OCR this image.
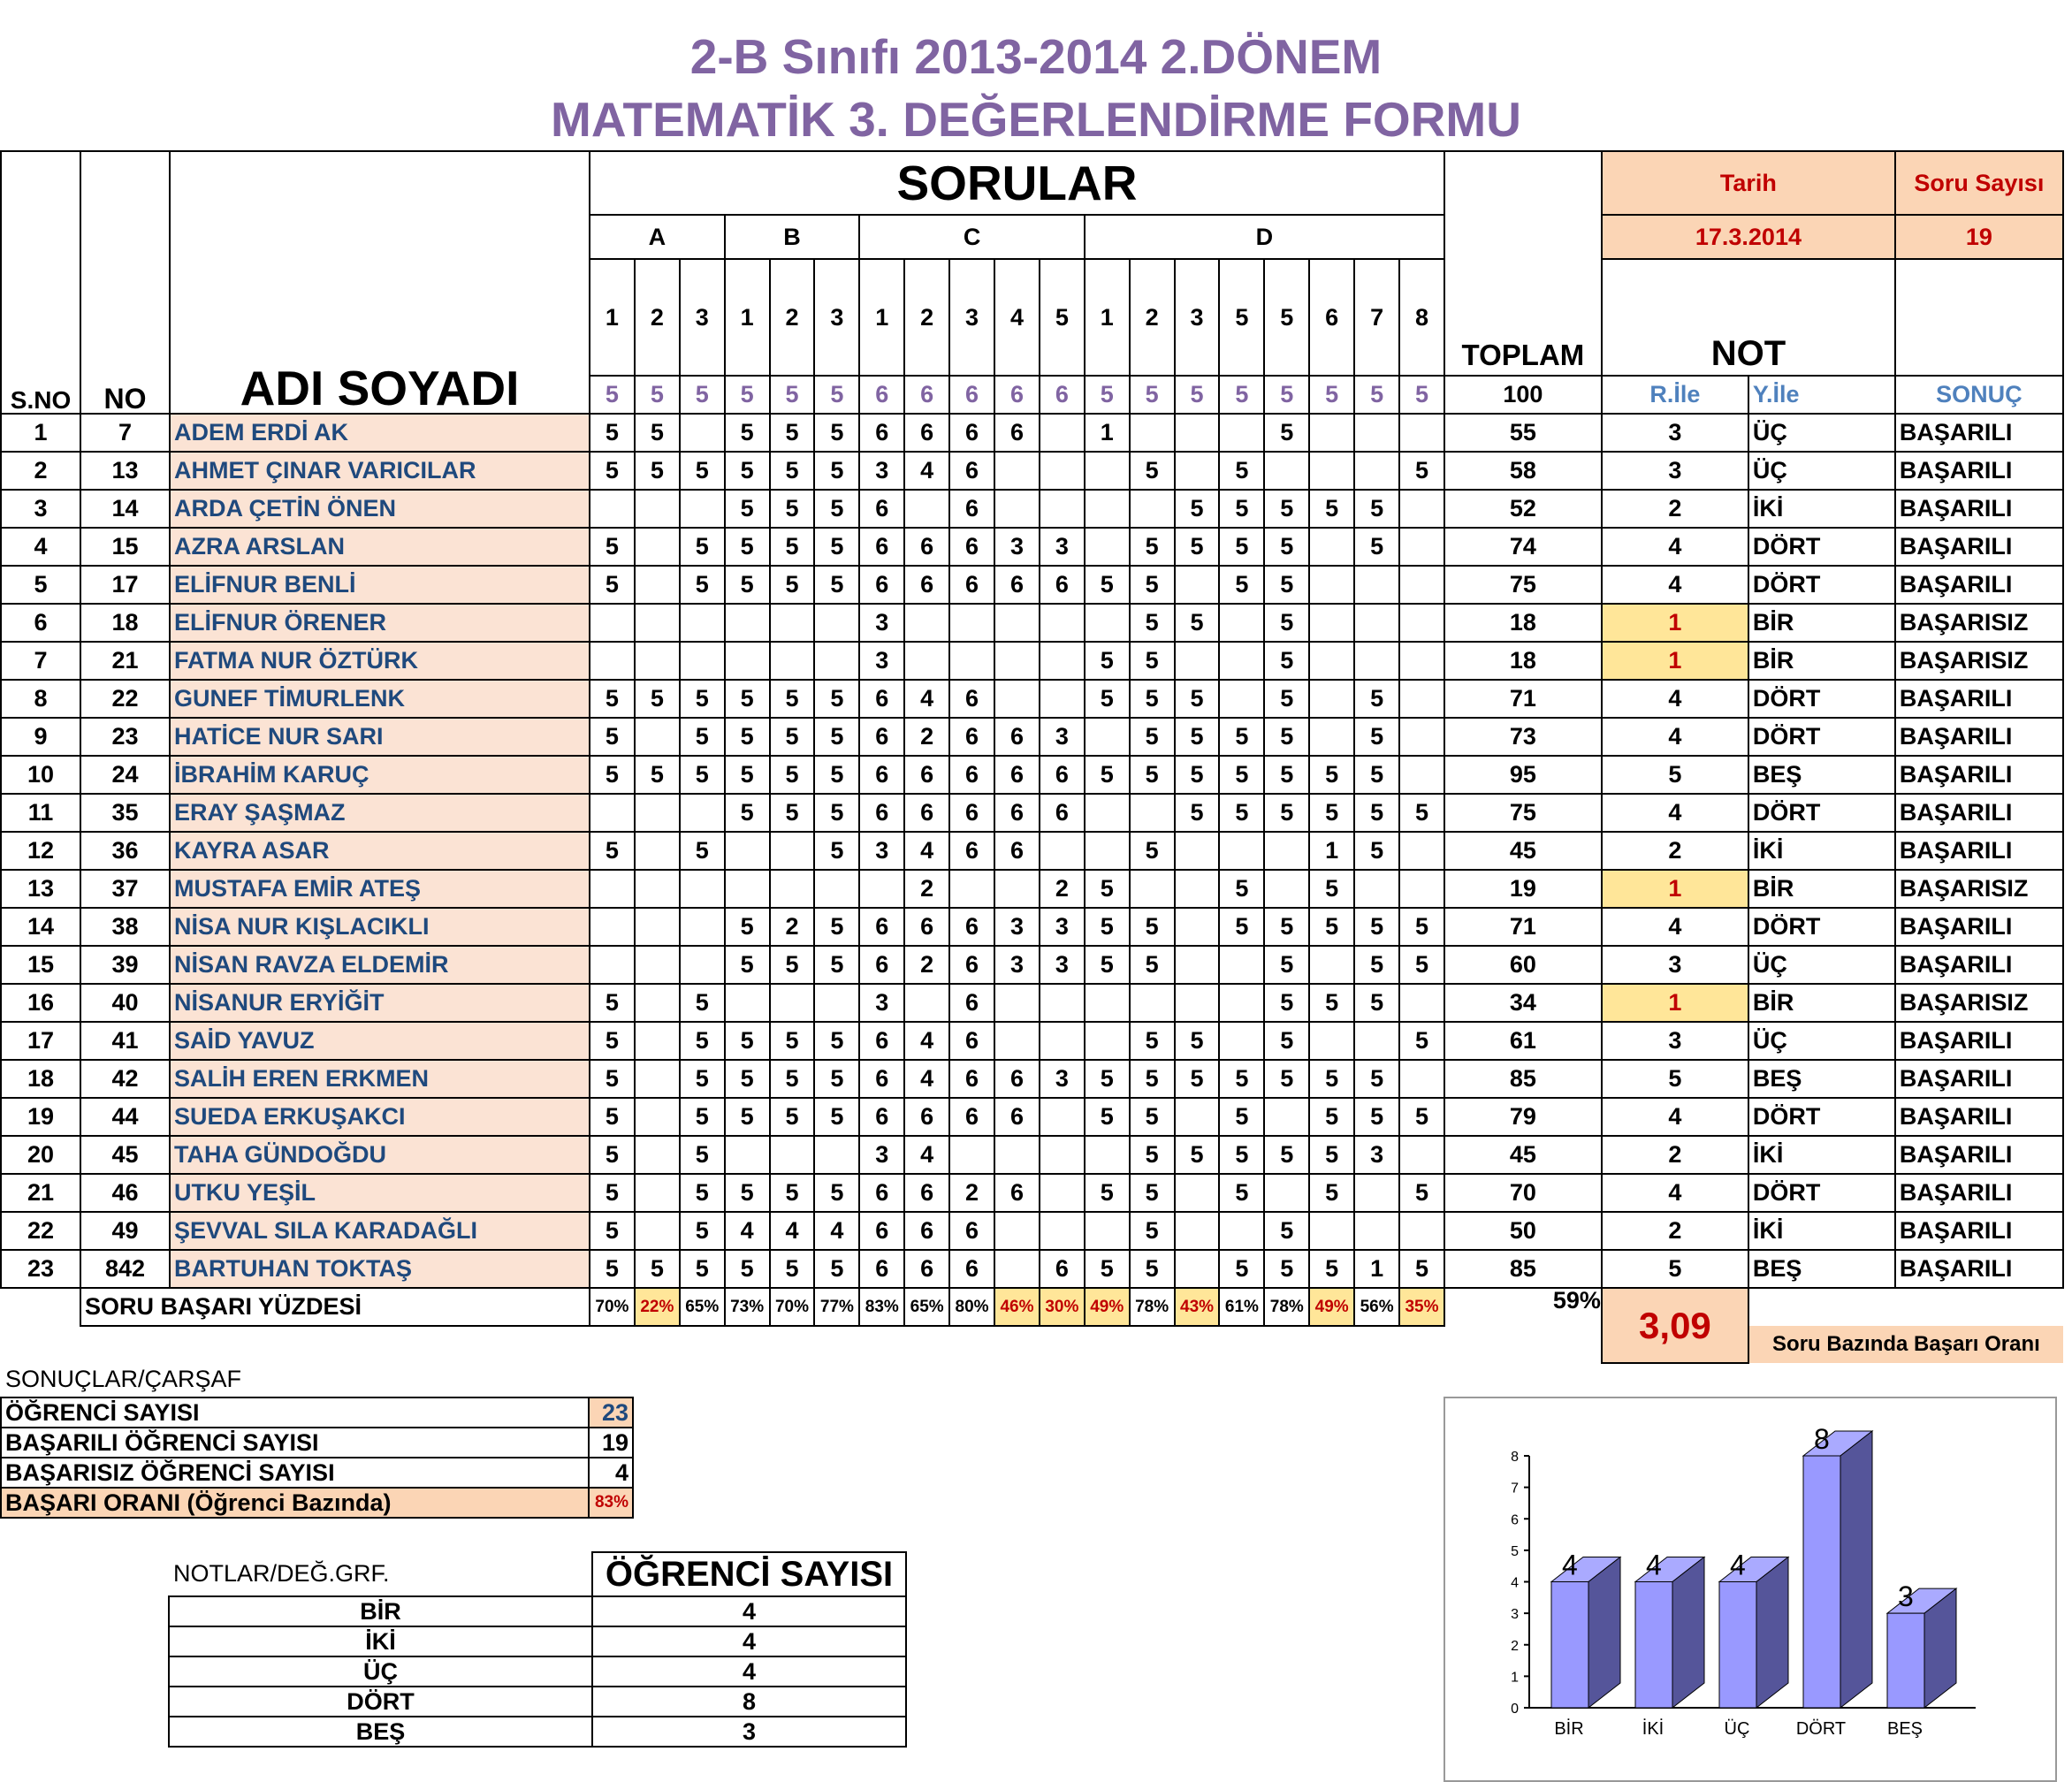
2-B Sınıfı 2013-2014 2.DÖNEM
MATEMATİK 3. DEĞERLENDİRME FORMU
S.NO	NO	ADI SOYADI	SORULAR																			TOPLAM	Tarih		Soru Sayısı
			A			B			C					D									17.3.2014		19
			1	2	3	1	2	3	1	2	3	4	5	1	2	3	5	5	6	7	8		NOT		
			5	5	5	5	5	5	6	6	6	6	6	5	5	5	5	5	5	5	5	100	R.İle	Y.İle	SONUÇ
1	7	ADEM ERDİ AK	5	5		5	5	5	6	6	6	6		1				5				55	3	ÜÇ	BAŞARILI
2	13	AHMET ÇINAR VARICILAR	5	5	5	5	5	5	3	4	6				5		5				5	58	3	ÜÇ	BAŞARILI
3	14	ARDA ÇETİN ÖNEN				5	5	5	6		6					5	5	5	5	5		52	2	İKİ	BAŞARILI
4	15	AZRA ARSLAN	5		5	5	5	5	6	6	6	3	3		5	5	5	5		5		74	4	DÖRT	BAŞARILI
5	17	ELİFNUR BENLİ	5		5	5	5	5	6	6	6	6	6	5	5		5	5				75	4	DÖRT	BAŞARILI
6	18	ELİFNUR ÖRENER							3						5	5		5				18	1	BİR	BAŞARISIZ
7	21	FATMA NUR ÖZTÜRK							3					5	5			5				18	1	BİR	BAŞARISIZ
8	22	GUNEF TİMURLENK	5	5	5	5	5	5	6	4	6			5	5	5		5		5		71	4	DÖRT	BAŞARILI
9	23	HATİCE NUR SARI	5		5	5	5	5	6	2	6	6	3		5	5	5	5		5		73	4	DÖRT	BAŞARILI
10	24	İBRAHİM KARUÇ	5	5	5	5	5	5	6	6	6	6	6	5	5	5	5	5	5	5		95	5	BEŞ	BAŞARILI
11	35	ERAY ŞAŞMAZ				5	5	5	6	6	6	6	6			5	5	5	5	5	5	75	4	DÖRT	BAŞARILI
12	36	KAYRA ASAR	5		5			5	3	4	6	6			5				1	5		45	2	İKİ	BAŞARILI
13	37	MUSTAFA EMİR ATEŞ								2			2	5			5		5			19	1	BİR	BAŞARISIZ
14	38	NİSA NUR KIŞLACIKLI				5	2	5	6	6	6	3	3	5	5		5	5	5	5	5	71	4	DÖRT	BAŞARILI
15	39	NİSAN RAVZA ELDEMİR				5	5	5	6	2	6	3	3	5	5			5		5	5	60	3	ÜÇ	BAŞARILI
16	40	NİSANUR ERYİĞİT	5		5				3		6							5	5	5		34	1	BİR	BAŞARISIZ
17	41	SAİD YAVUZ	5		5	5	5	5	6	4	6				5	5		5			5	61	3	ÜÇ	BAŞARILI
18	42	SALİH EREN ERKMEN	5		5	5	5	5	6	4	6	6	3	5	5	5	5	5	5	5		85	5	BEŞ	BAŞARILI
19	44	SUEDA ERKUŞAKCI	5		5	5	5	5	6	6	6	6		5	5		5		5	5	5	79	4	DÖRT	BAŞARILI
20	45	TAHA GÜNDOĞDU	5		5				3	4					5	5	5	5	5	3		45	2	İKİ	BAŞARILI
21	46	UTKU YEŞİL	5		5	5	5	5	6	6	2	6		5	5		5		5		5	70	4	DÖRT	BAŞARILI
22	49	ŞEVVAL SILA KARADAĞLI	5		5	4	4	4	6	6	6				5			5				50	2	İKİ	BAŞARILI
23	842	BARTUHAN TOKTAŞ	5	5	5	5	5	5	6	6	6		6	5	5		5	5	5	1	5	85	5	BEŞ	BAŞARILI
	SORU BAŞARI YÜZDESİ		70%	22%	65%	73%	70%	77%	83%	65%	80%	46%	30%	49%	78%	43%	61%	78%	49%	56%	35%	59%	3,09		
																								Soru Bazında Başarı Oranı	
SONUÇLAR/ÇARŞAF
ÖĞRENCİ SAYISI	23
BAŞARILI ÖĞRENCİ SAYISI	19
BAŞARISIZ ÖĞRENCİ SAYISI	4
BAŞARI ORANI (Öğrenci Bazında)	83%
NOTLAR/DEĞ.GRF.
		ÖĞRENCİ SAYISI
BİR	4
İKİ	4
ÜÇ	4
DÖRT	8
BEŞ	3
0
1
2
3
4
5
6
7
8
4
BİR
4
İKİ
4
ÜÇ
8
DÖRT
3
BEŞ
